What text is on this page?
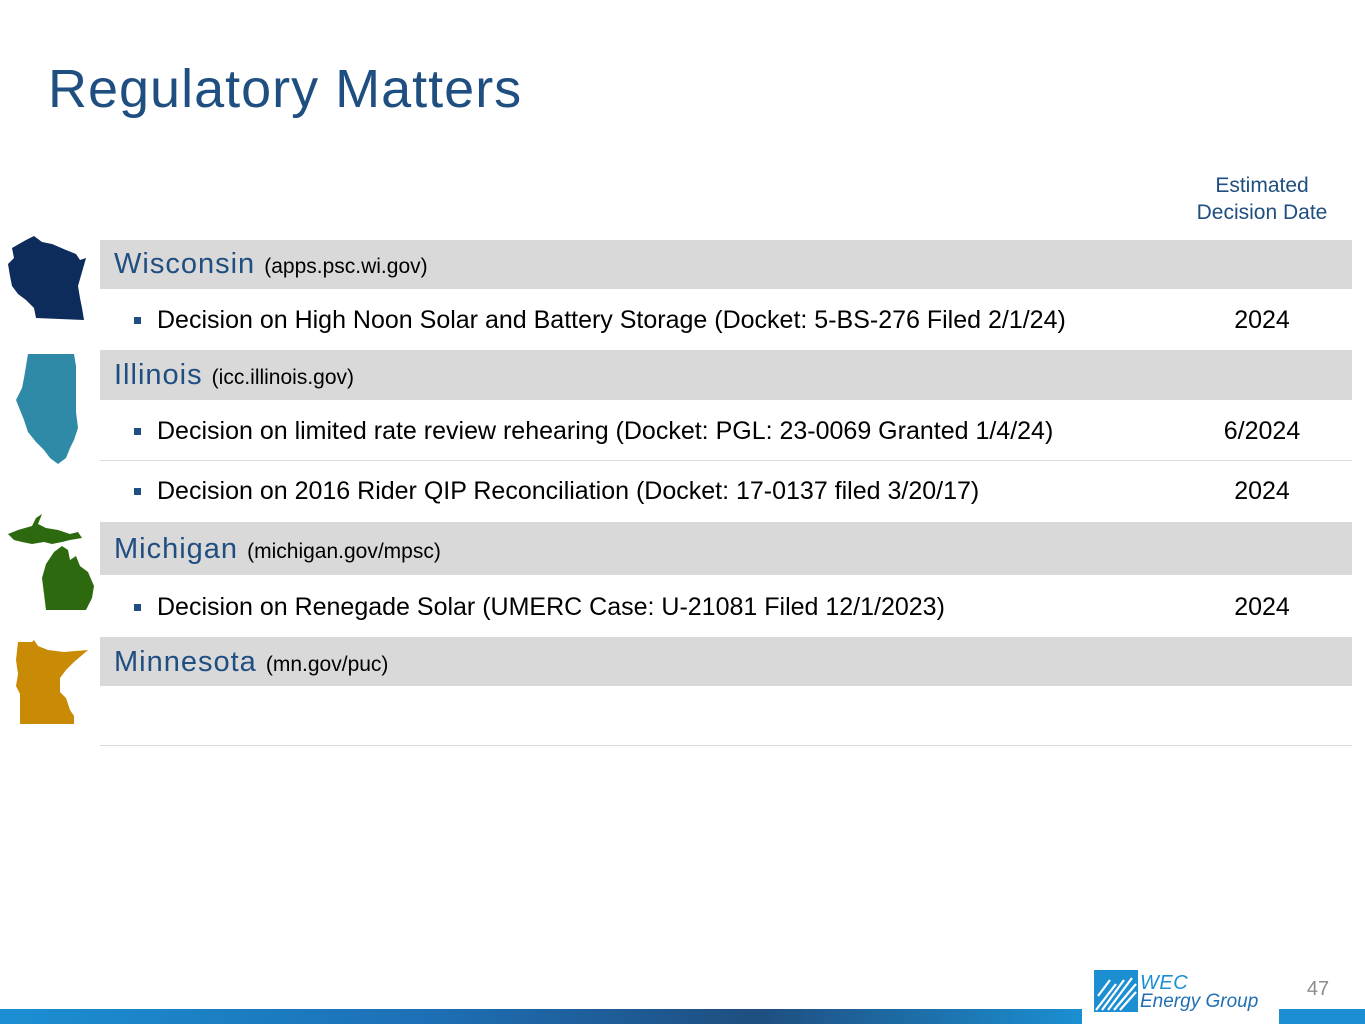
Regulatory Matters
Estimated
Decision Date
Wisconsin (apps.psc.wi.gov)
Decision on High Noon Solar and Battery Storage (Docket: 5-BS-276 Filed 2/1/24)	2024
Illinois (icc.illinois.gov)
Decision on limited rate review rehearing (Docket: PGL: 23-0069 Granted 1/4/24)	6/2024
Decision on 2016 Rider QIP Reconciliation (Docket: 17-0137 filed 3/20/17)	2024
Michigan (michigan.gov/mpsc)
Decision on Renegade Solar (UMERC Case: U-21081 Filed 12/1/2023)	2024
Minnesota (mn.gov/puc)
WEC
Energy Group
47
